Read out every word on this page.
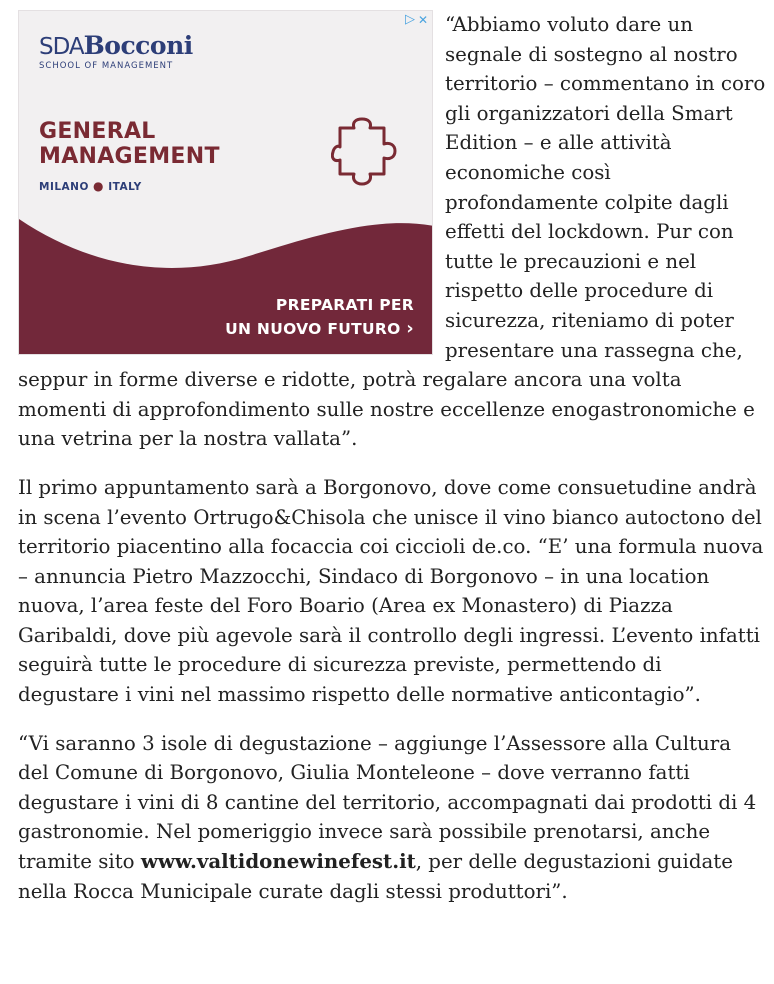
▷ ✕
SDA Bocconi
SCHOOL OF MANAGEMENT
GENERAL
MANAGEMENT
MILANO ● ITALY
PREPARATI PER
UN NUOVO FUTURO ›

“Abbiamo voluto dare un segnale di sostegno al nostro territorio – commentano in coro gli organizzatori della Smart Edition – e alle attività economiche così profondamente colpite dagli effetti del lockdown. Pur con tutte le precauzioni e nel rispetto delle procedure di sicurezza, riteniamo di poter presentare una rassegna che, seppur in forme diverse e ridotte, potrà regalare ancora una volta momenti di approfondimento sulle nostre eccellenze enogastronomiche e una vetrina per la nostra vallata”.

Il primo appuntamento sarà a Borgonovo, dove come consuetudine andrà in scena l’evento Ortrugo&Chisola che unisce il vino bianco autoctono del territorio piacentino alla focaccia coi ciccioli de.co. “E’ una formula nuova – annuncia Pietro Mazzocchi, Sindaco di Borgonovo – in una location nuova, l’area feste del Foro Boario (Area ex Monastero) di Piazza Garibaldi, dove più agevole sarà il controllo degli ingressi. L’evento infatti seguirà tutte le procedure di sicurezza previste, permettendo di degustare i vini nel massimo rispetto delle normative anticontagio”.

“Vi saranno 3 isole di degustazione – aggiunge l’Assessore alla Cultura del Comune di Borgonovo, Giulia Monteleone – dove verranno fatti degustare i vini di 8 cantine del territorio, accompagnati dai prodotti di 4 gastronomie. Nel pomeriggio invece sarà possibile prenotarsi, anche tramite sito www.valtidonewinefest.it, per delle degustazioni guidate nella Rocca Municipale curate dagli stessi produttori”.
